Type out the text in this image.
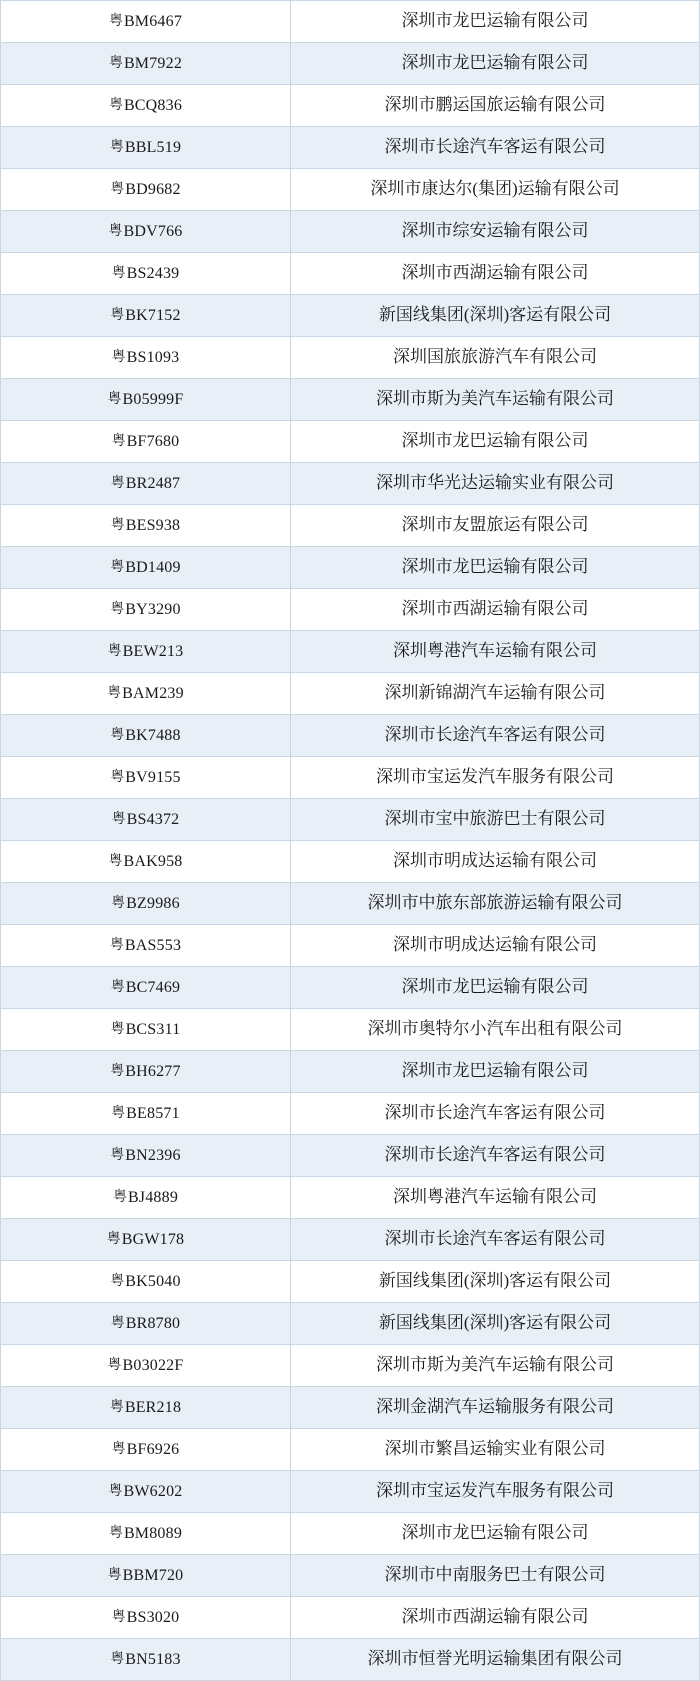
粤BM6467	深圳市龙巴运输有限公司
粤BM7922	深圳市龙巴运输有限公司
粤BCQ836	深圳市鹏运国旅运输有限公司
粤BBL519	深圳市长途汽车客运有限公司
粤BD9682	深圳市康达尔(集团)运输有限公司
粤BDV766	深圳市综安运输有限公司
粤BS2439	深圳市西湖运输有限公司
粤BK7152	新国线集团(深圳)客运有限公司
粤BS1093	深圳国旅旅游汽车有限公司
粤B05999F	深圳市斯为美汽车运输有限公司
粤BF7680	深圳市龙巴运输有限公司
粤BR2487	深圳市华光达运输实业有限公司
粤BES938	深圳市友盟旅运有限公司
粤BD1409	深圳市龙巴运输有限公司
粤BY3290	深圳市西湖运输有限公司
粤BEW213	深圳粤港汽车运输有限公司
粤BAM239	深圳新锦湖汽车运输有限公司
粤BK7488	深圳市长途汽车客运有限公司
粤BV9155	深圳市宝运发汽车服务有限公司
粤BS4372	深圳市宝中旅游巴士有限公司
粤BAK958	深圳市明成达运输有限公司
粤BZ9986	深圳市中旅东部旅游运输有限公司
粤BAS553	深圳市明成达运输有限公司
粤BC7469	深圳市龙巴运输有限公司
粤BCS311	深圳市奥特尔小汽车出租有限公司
粤BH6277	深圳市龙巴运输有限公司
粤BE8571	深圳市长途汽车客运有限公司
粤BN2396	深圳市长途汽车客运有限公司
粤BJ4889	深圳粤港汽车运输有限公司
粤BGW178	深圳市长途汽车客运有限公司
粤BK5040	新国线集团(深圳)客运有限公司
粤BR8780	新国线集团(深圳)客运有限公司
粤B03022F	深圳市斯为美汽车运输有限公司
粤BER218	深圳金湖汽车运输服务有限公司
粤BF6926	深圳市繁昌运输实业有限公司
粤BW6202	深圳市宝运发汽车服务有限公司
粤BM8089	深圳市龙巴运输有限公司
粤BBM720	深圳市中南服务巴士有限公司
粤BS3020	深圳市西湖运输有限公司
粤BN5183	深圳市恒誉光明运输集团有限公司
